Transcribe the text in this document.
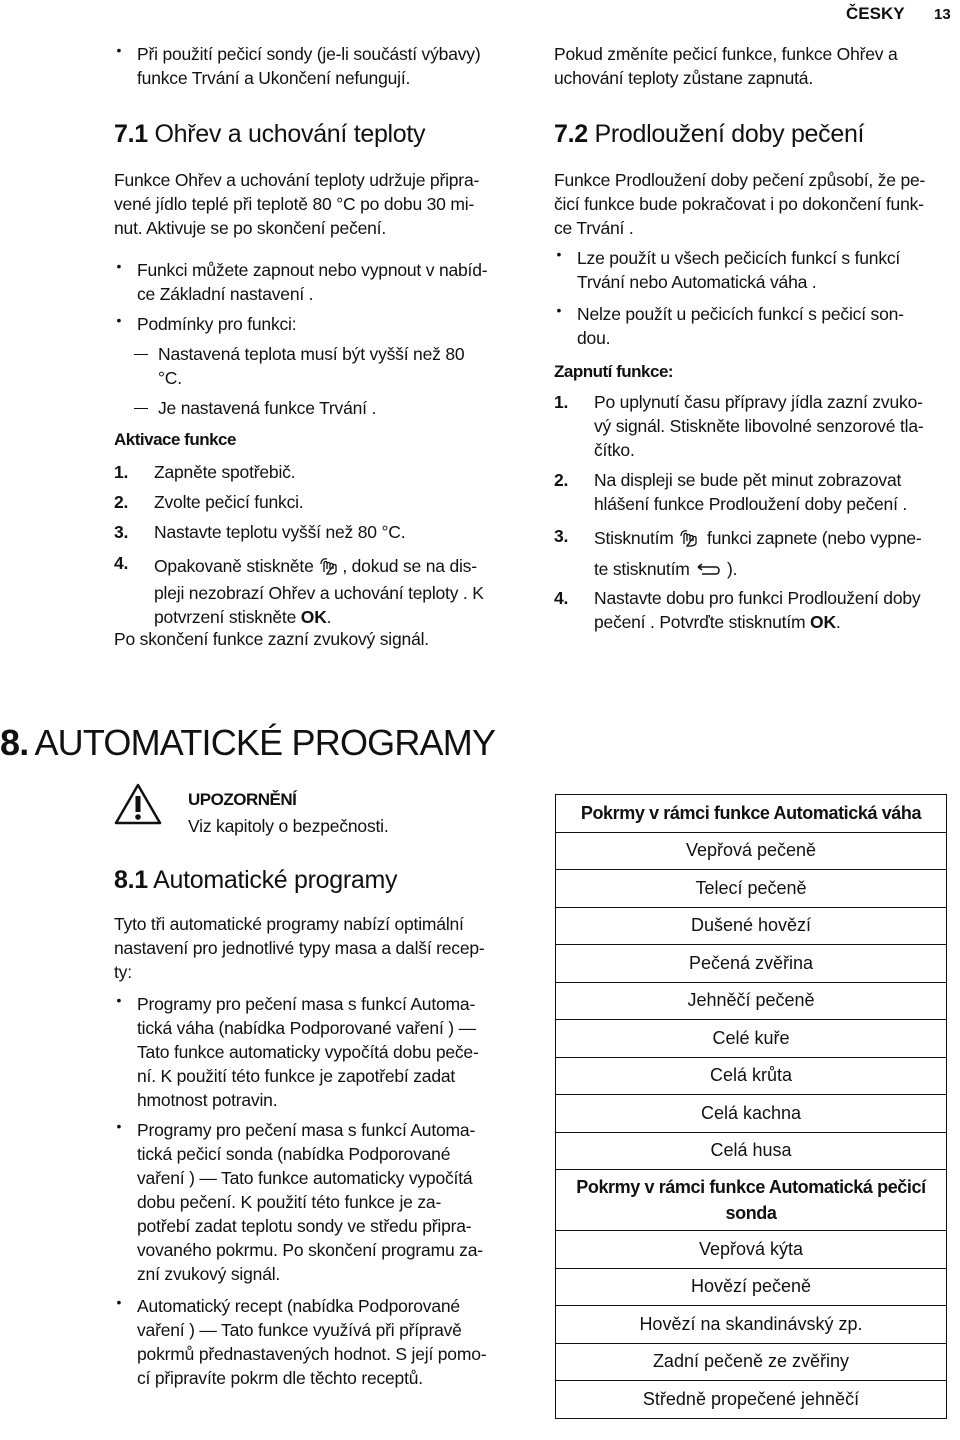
ČESKY 13
• Při použití pečicí sondy (je-li součástí výbavy) funkce Trvání a Ukončení nefungují.
7.1 Ohřev a uchování teploty
Funkce Ohřev a uchování teploty udržuje připra-
vené jídlo teplé při teplotě 80 °C po dobu 30 mi-
nut. Aktivuje se po skončení pečení.
• Funkci můžete zapnout nebo vypnout v nabíd-
ce Základní nastavení .
• Podmínky pro funkci:
Nastavená teplota musí být vyšší než 80
°C.
Je nastavená funkce Trvání .
Aktivace funkce
1. Zapněte spotřebič.
2. Zvolte pečicí funkci.
3. Nastavte teplotu vyšší než 80 °C.
4. Opakovaně stiskněte , dokud se na dis-
pleji nezobrazí Ohřev a uchování teploty . K
potvrzení stiskněte OK.
Po skončení funkce zazní zvukový signál.
Pokud změníte pečicí funkce, funkce Ohřev a
uchování teploty zůstane zapnutá.
7.2 Prodloužení doby pečení
Funkce Prodloužení doby pečení způsobí, že pe-
čicí funkce bude pokračovat i po dokončení funk-
ce Trvání .
• Lze použít u všech pečicích funkcí s funkcí
Trvání nebo Automatická váha .
• Nelze použít u pečicích funkcí s pečicí son-
dou.
Zapnutí funkce:
1. Po uplynutí času přípravy jídla zazní zvuko-
vý signál. Stiskněte libovolné senzorové tla-
čítko.
2. Na displeji se bude pět minut zobrazovat
hlášení funkce Prodloužení doby pečení .
3. Stisknutím funkci zapnete (nebo vypne-
te stisknutím ).
4. Nastavte dobu pro funkci Prodloužení doby
pečení . Potvrďte stisknutím OK.
8. AUTOMATICKÉ PROGRAMY
UPOZORNĚNÍ
Viz kapitoly o bezpečnosti.
8.1 Automatické programy
Tyto tři automatické programy nabízí optimální
nastavení pro jednotlivé typy masa a další recep-
ty:
• Programy pro pečení masa s funkcí Automa-
tická váha (nabídka Podporované vaření ) —
Tato funkce automaticky vypočítá dobu peče-
ní. K použití této funkce je zapotřebí zadat
hmotnost potravin.
• Programy pro pečení masa s funkcí Automa-
tická pečicí sonda (nabídka Podporované
vaření ) — Tato funkce automaticky vypočítá
dobu pečení. K použití této funkce je za-
potřebí zadat teplotu sondy ve středu připra-
vovaného pokrmu. Po skončení programu za-
zní zvukový signál.
• Automatický recept (nabídka Podporované
vaření ) — Tato funkce využívá při přípravě
pokrmů přednastavených hodnot. S její pomo-
cí připravíte pokrm dle těchto receptů.
Pokrmy v rámci funkce Automatická váha
Vepřová pečeně
Telecí pečeně
Dušené hovězí
Pečená zvěřina
Jehněčí pečeně
Celé kuře
Celá krůta
Celá kachna
Celá husa

Pokrmy v rámci funkce Automatická pečicí
sonda

Vepřová kýta
Hovězí pečeně
Hovězí na skandinávský zp.
Zadní pečeně ze zvěřiny
Středně propečené jehněčí
